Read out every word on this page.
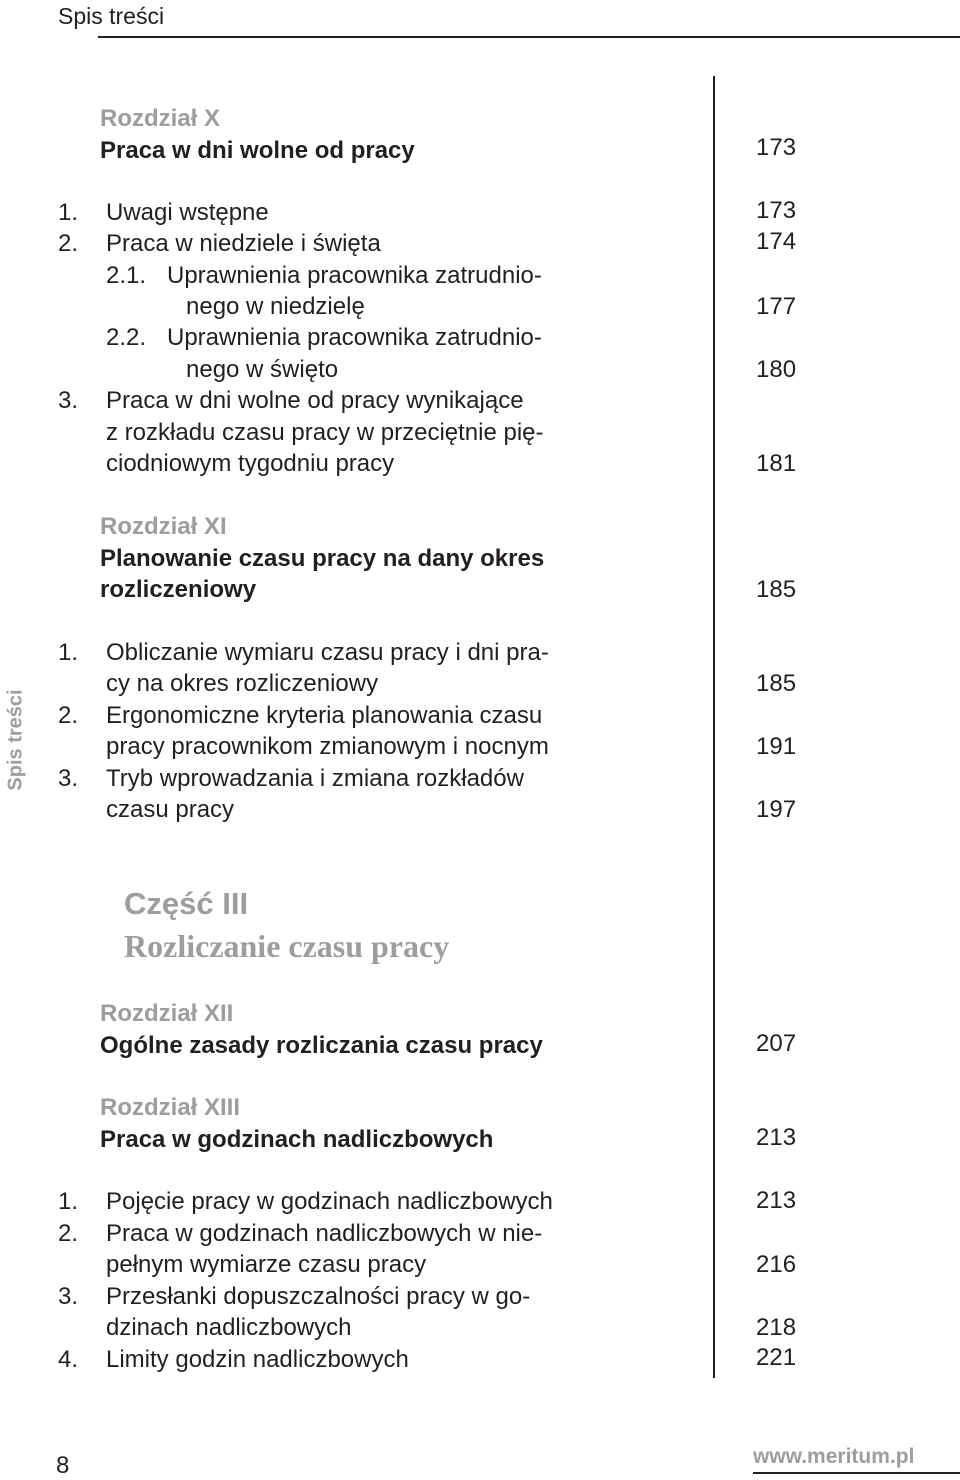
Spis treści
Spis treści
Rozdział X
Praca w dni wolne od pracy	173
1. Uwagi wstępne	173
2. Praca w niedziele i święta	174
2.1. Uprawnienia pracownika zatrudnio-
nego w niedzielę	177
2.2. Uprawnienia pracownika zatrudnio-
nego w święto	180
3. Praca w dni wolne od pracy wynikające
z rozkładu czasu pracy w przeciętnie pię-
ciodniowym tygodniu pracy	181
Rozdział XI
Planowanie czasu pracy na dany okres
rozliczeniowy	185
1. Obliczanie wymiaru czasu pracy i dni pra-
cy na okres rozliczeniowy	185
2. Ergonomiczne kryteria planowania czasu
pracy pracownikom zmianowym i nocnym	191
3. Tryb wprowadzania i zmiana rozkładów
czasu pracy	197
Część III
Rozliczanie czasu pracy
Rozdział XII
Ogólne zasady rozliczania czasu pracy	207
Rozdział XIII
Praca w godzinach nadliczbowych	213
1. Pojęcie pracy w godzinach nadliczbowych	213
2. Praca w godzinach nadliczbowych w nie-
pełnym wymiarze czasu pracy	216
3. Przesłanki dopuszczalności pracy w go-
dzinach nadliczbowych	218
4. Limity godzin nadliczbowych	221
8	www.meritum.pl
